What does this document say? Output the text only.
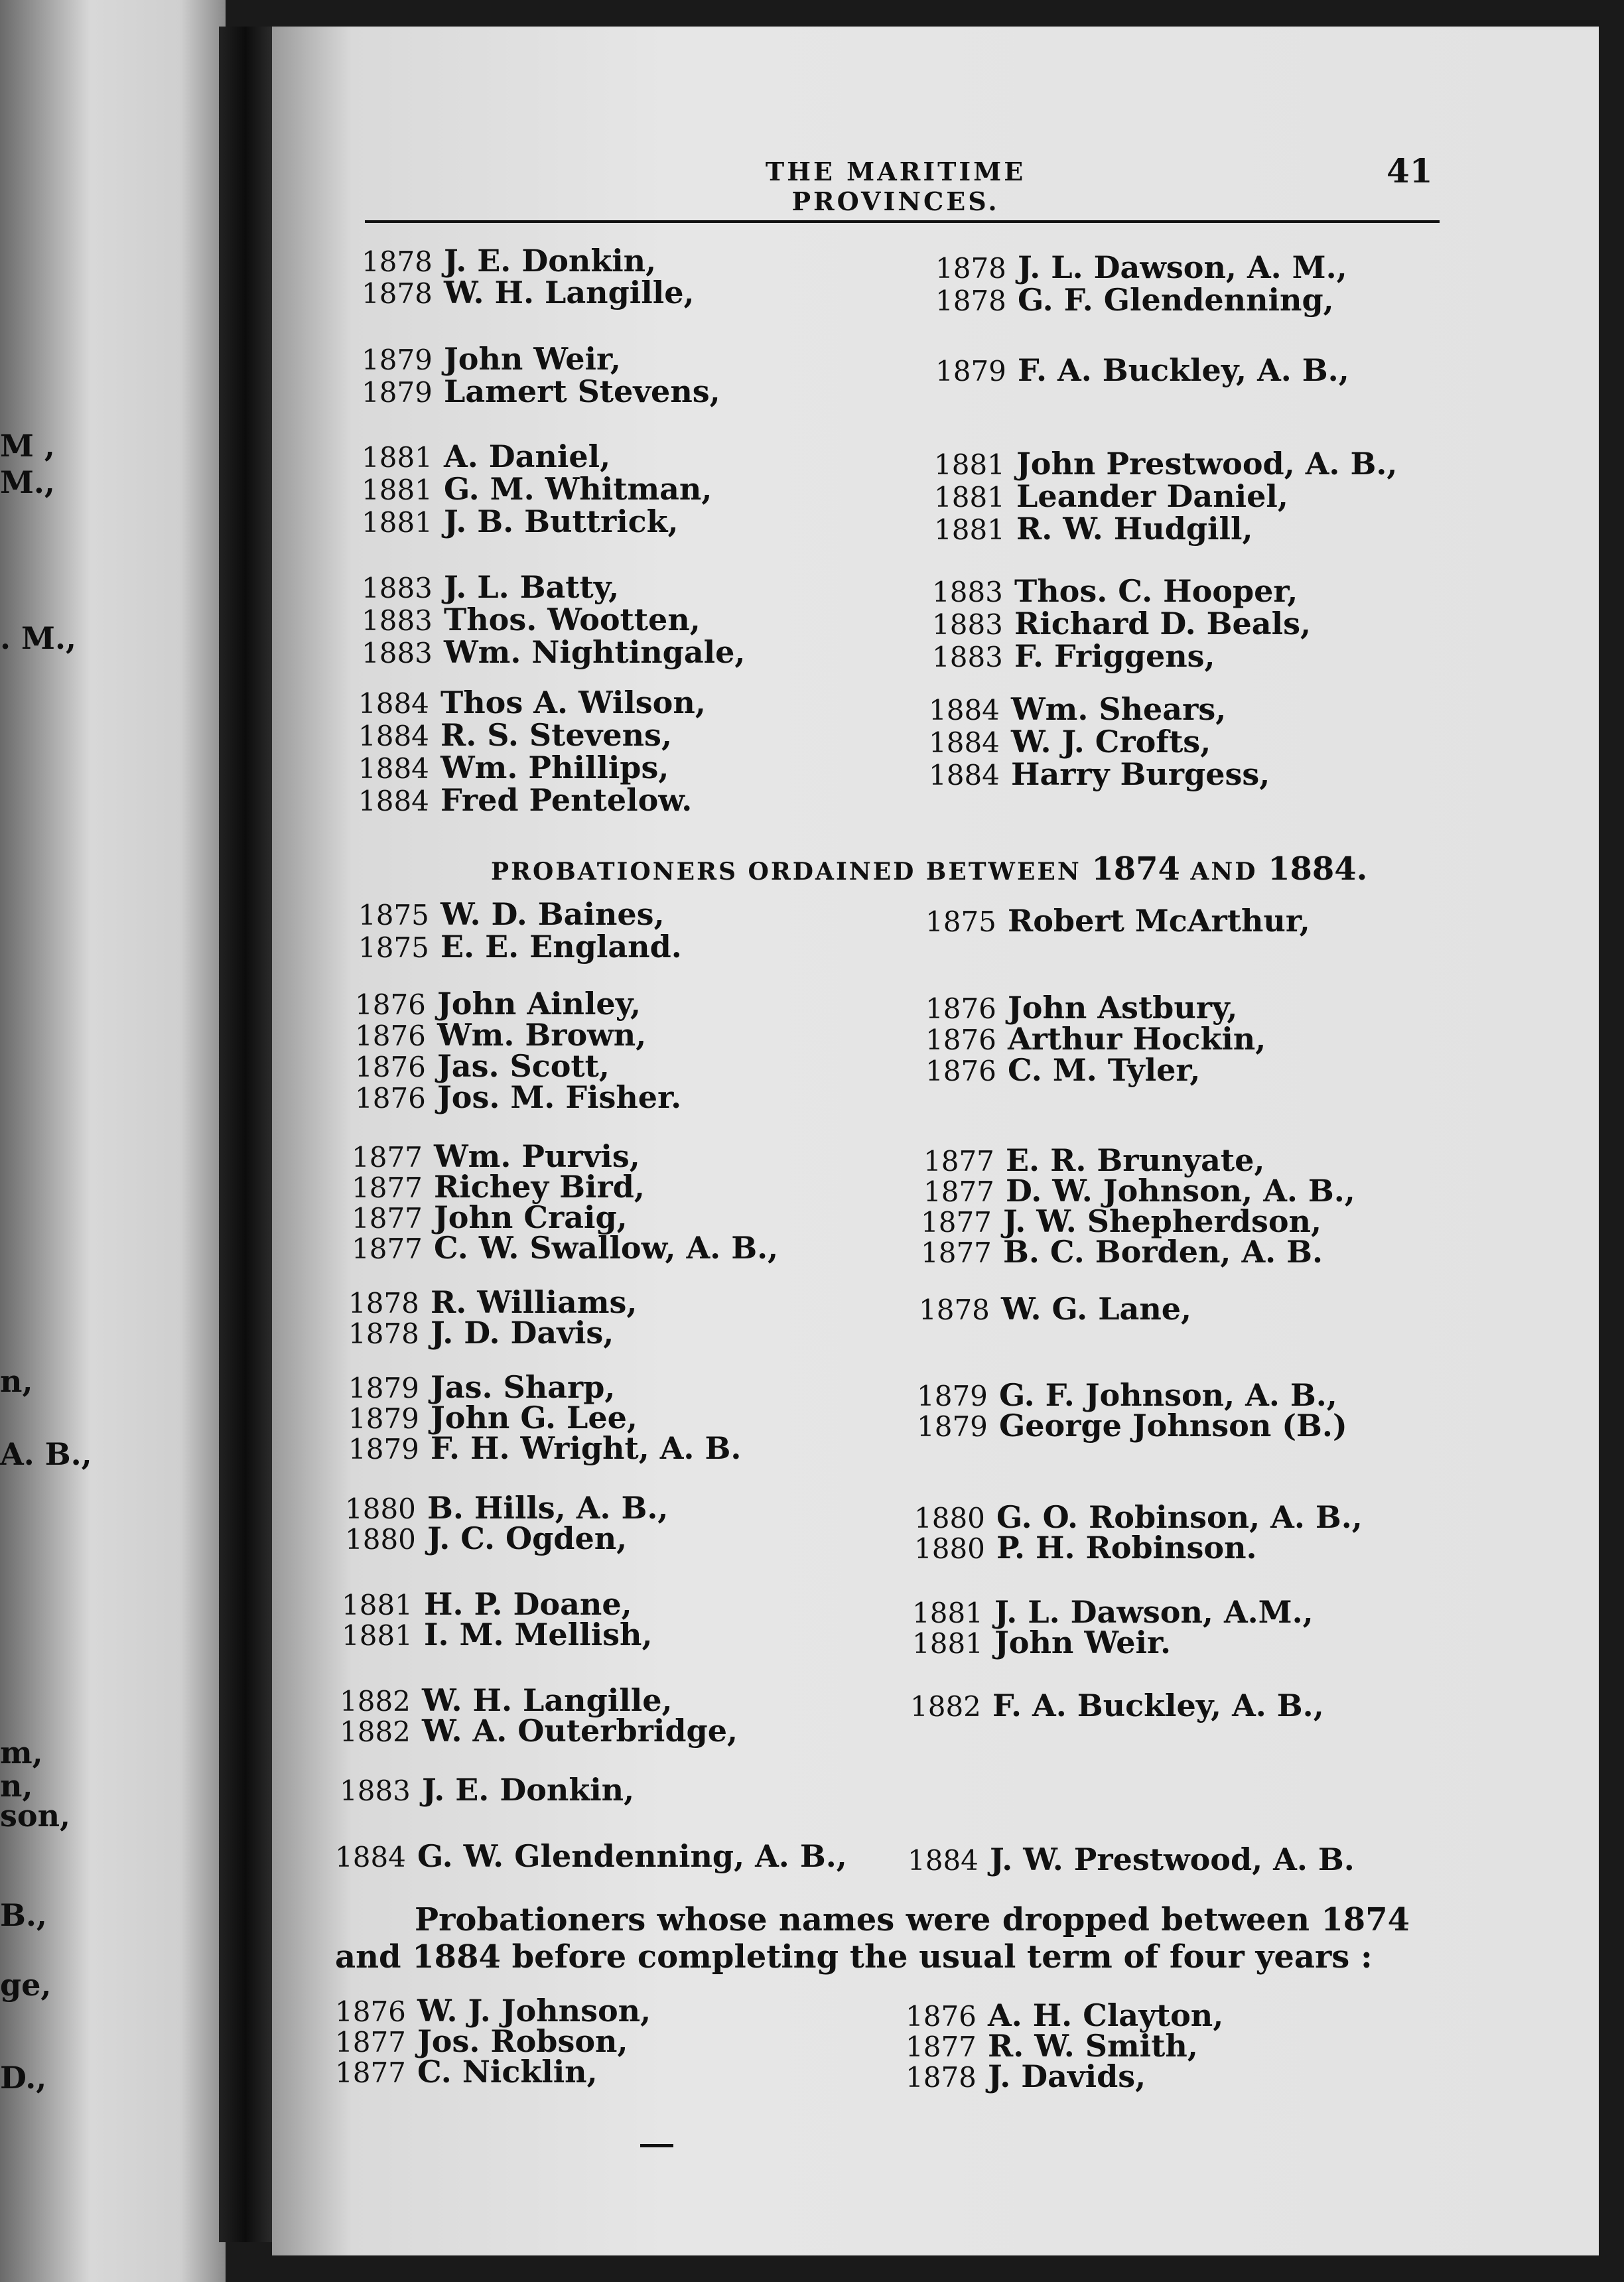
M ,
M.,
. M.,
n,
A. B.,
m,
n,
son,
B.,
ge,
D.,
THE MARITIME PROVINCES.
41
PROBATIONERS ORDAINED BETWEEN 1874 AND 1884.
Probationers whose names were dropped between 1874 and 1884 before completing the usual term of four years :
1878 J. E. Donkin,
1878 W. H. Langille,
1879 John Weir,
1879 Lamert Stevens,
1881 A. Daniel,
1881 G. M. Whitman,
1881 J. B. Buttrick,
1883 J. L. Batty,
1883 Thos. Wootten,
1883 Wm. Nightingale,
1884 Thos A. Wilson,
1884 R. S. Stevens,
1884 Wm. Phillips,
1884 Fred Pentelow.
1878 J. L. Dawson, A. M.,
1878 G. F. Glendenning,
1879 F. A. Buckley, A. B.,
1881 John Prestwood, A. B.,
1881 Leander Daniel,
1881 R. W. Hudgill,
1883 Thos. C. Hooper,
1883 Richard D. Beals,
1883 F. Friggens,
1884 Wm. Shears,
1884 W. J. Crofts,
1884 Harry Burgess,
1875 W. D. Baines,
1875 E. E. England.
1876 John Ainley,
1876 Wm. Brown,
1876 Jas. Scott,
1876 Jos. M. Fisher.
1877 Wm. Purvis,
1877 Richey Bird,
1877 John Craig,
1877 C. W. Swallow, A. B.,
1878 R. Williams,
1878 J. D. Davis,
1879 Jas. Sharp,
1879 John G. Lee,
1879 F. H. Wright, A. B.
1880 B. Hills, A. B.,
1880 J. C. Ogden,
1881 H. P. Doane,
1881 I. M. Mellish,
1882 W. H. Langille,
1882 W. A. Outerbridge,
1883 J. E. Donkin,
1884 G. W. Glendenning, A. B.,
1875 Robert McArthur,
1876 John Astbury,
1876 Arthur Hockin,
1876 C. M. Tyler,
1877 E. R. Brunyate,
1877 D. W. Johnson, A. B.,
1877 J. W. Shepherdson,
1877 B. C. Borden, A. B.
1878 W. G. Lane,
1879 G. F. Johnson, A. B.,
1879 George Johnson (B.)
1880 G. O. Robinson, A. B.,
1880 P. H. Robinson.
1881 J. L. Dawson, A.M.,
1881 John Weir.
1882 F. A. Buckley, A. B.,
1884 J. W. Prestwood, A. B.
1876 W. J. Johnson,
1877 Jos. Robson,
1877 C. Nicklin,
1876 A. H. Clayton,
1877 R. W. Smith,
1878 J. Davids,
